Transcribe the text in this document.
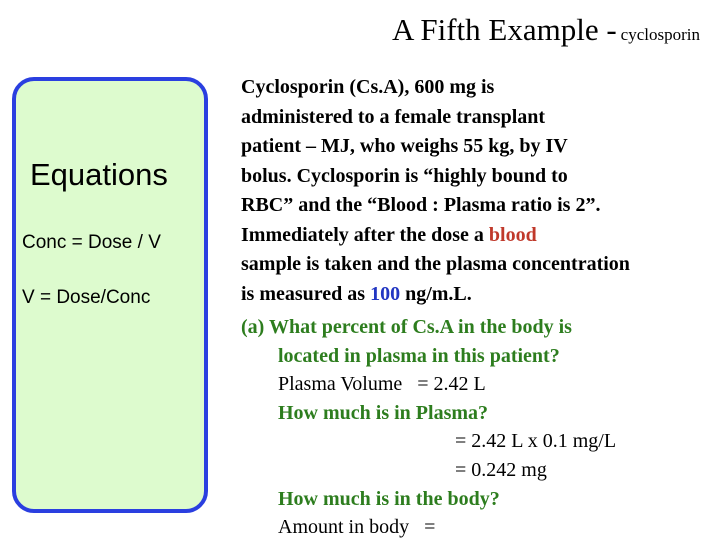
A Fifth Example - cyclosporin
Equations
Conc = Dose / V
V = Dose/Conc
Cyclosporin (Cs.A), 600 mg is
administered to a female transplant
patient – MJ, who weighs 55 kg, by IV
bolus. Cyclosporin is “highly bound to
RBC” and the “Blood : Plasma ratio is 2”.
Immediately after the dose a blood
sample is taken and the plasma concentration
is measured as 100 ng/m.L.
(a) What percent of Cs.A in the body is
located in plasma in this patient?
Plasma Volume   = 2.42 L
How much is in Plasma?
= 2.42 L x 0.1 mg/L
= 0.242 mg
How much is in the body?
Amount in body   =
